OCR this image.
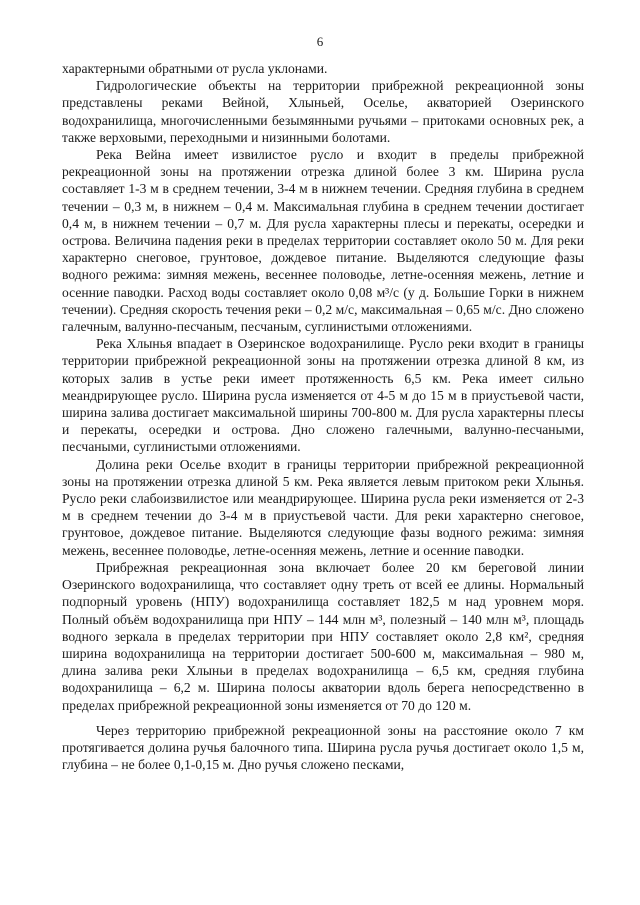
6

характерными обратными от русла уклонами.

Гидрологические объекты на территории прибрежной рекреационной зоны представлены реками Вейной, Хлыньей, Оселье, акваторией Озеринского водохранилища, многочисленными безымянными ручьями – притоками основных рек, а также верховыми, переходными и низинными болотами.

Река Вейна имеет извилистое русло и входит в пределы прибрежной рекреационной зоны на протяжении отрезка длиной более 3 км. Ширина русла составляет 1-3 м в среднем течении, 3-4 м в нижнем течении. Средняя глубина в среднем течении – 0,3 м, в нижнем – 0,4 м. Максимальная глубина в среднем течении достигает 0,4 м, в нижнем течении – 0,7 м. Для русла характерны плесы и перекаты, осередки и острова. Величина падения реки в пределах территории составляет около 50 м. Для реки характерно снеговое, грунтовое, дождевое питание. Выделяются следующие фазы водного режима: зимняя межень, весеннее половодье, летне-осенняя межень, летние и осенние паводки. Расход воды составляет около 0,08 м³/с (у д. Большие Горки в нижнем течении). Средняя скорость течения реки – 0,2 м/с, максимальная – 0,65 м/с. Дно сложено галечным, валунно-песчаным, песчаным, суглинистыми отложениями.

Река Хлынья впадает в Озеринское водохранилище. Русло реки входит в границы территории прибрежной рекреационной зоны на протяжении отрезка длиной 8 км, из которых залив в устье реки имеет протяженность 6,5 км. Река имеет сильно меандрирующее русло. Ширина русла изменяется от 4-5 м до 15 м в приустьевой части, ширина залива достигает максимальной ширины 700-800 м. Для русла характерны плесы и перекаты, осередки и острова. Дно сложено галечными, валунно-песчаными, песчаными, суглинистыми отложениями.

Долина реки Оселье входит в границы территории прибрежной рекреационной зоны на протяжении отрезка длиной 5 км. Река является левым притоком реки Хлынья. Русло реки слабоизвилистое или меандрирующее. Ширина русла реки изменяется от 2-3 м в среднем течении до 3-4 м в приустьевой части. Для реки характерно снеговое, грунтовое, дождевое питание. Выделяются следующие фазы водного режима: зимняя межень, весеннее половодье, летне-осенняя межень, летние и осенние паводки.

Прибрежная рекреационная зона включает более 20 км береговой линии Озеринского водохранилища, что составляет одну треть от всей ее длины. Нормальный подпорный уровень (НПУ) водохранилища составляет 182,5 м над уровнем моря. Полный объём водохранилища при НПУ – 144 млн м³, полезный – 140 млн м³, площадь водного зеркала в пределах территории при НПУ составляет около 2,8 км², средняя ширина водохранилища на территории достигает 500-600 м, максимальная – 980 м, длина залива реки Хлыньи в пределах водохранилища – 6,5 км, средняя глубина водохранилища – 6,2 м. Ширина полосы акватории вдоль берега непосредственно в пределах прибрежной рекреационной зоны изменяется от 70 до 120 м.

Через территорию прибрежной рекреационной зоны на расстояние около 7 км протягивается долина ручья балочного типа. Ширина русла ручья достигает около 1,5 м, глубина – не более 0,1-0,15 м. Дно ручья сложено песками,
